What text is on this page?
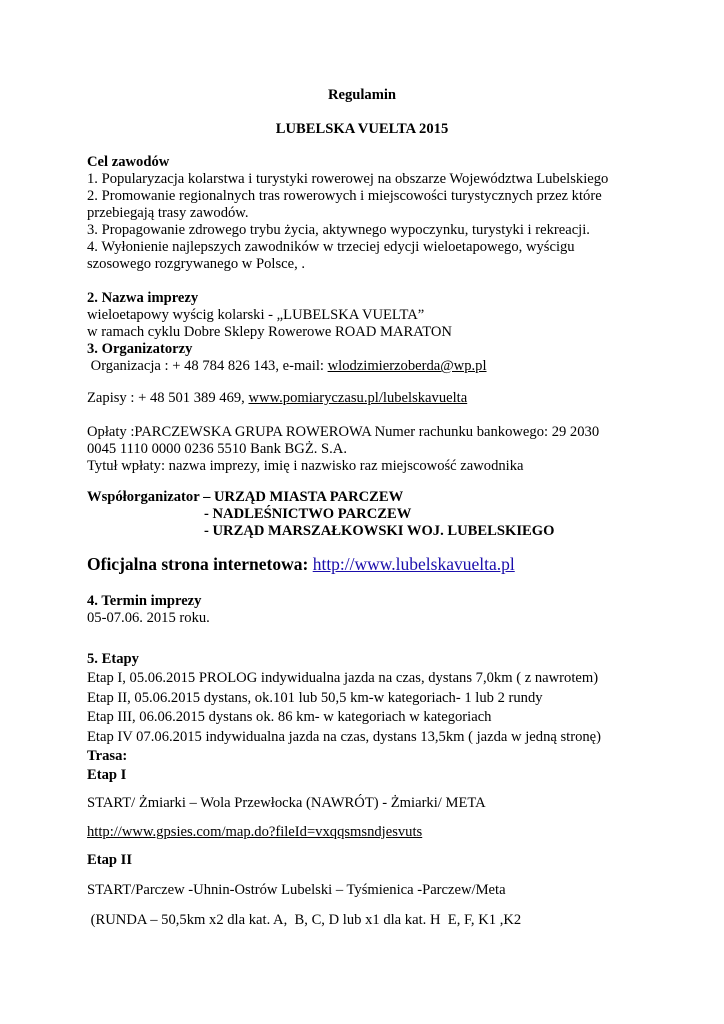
Regulamin
LUBELSKA VUELTA 2015
Cel zawodów
1. Popularyzacja kolarstwa i turystyki rowerowej na obszarze Województwa Lubelskiego
2. Promowanie regionalnych tras rowerowych i miejscowości turystycznych przez które
przebiegają trasy zawodów.
3. Propagowanie zdrowego trybu życia, aktywnego wypoczynku, turystyki i rekreacji.
4. Wyłonienie najlepszych zawodników w trzeciej edycji wieloetapowego, wyścigu
szosowego rozgrywanego w Polsce, .
2. Nazwa imprezy
wieloetapowy wyścig kolarski - „LUBELSKA VUELTA”
w ramach cyklu Dobre Sklepy Rowerowe ROAD MARATON
3. Organizatorzy
Organizacja : + 48 784 826 143, e-mail: wlodzimierzoberda@wp.pl
Zapisy : + 48 501 389 469, www.pomiaryczasu.pl/lubelskavuelta
Opłaty :PARCZEWSKA GRUPA ROWEROWA Numer rachunku bankowego: 29 2030
0045 1110 0000 0236 5510 Bank BGŻ. S.A.
Tytuł wpłaty: nazwa imprezy, imię i nazwisko raz miejscowość zawodnika
Współorganizator – URZĄD MIASTA PARCZEW
- NADLEŚNICTWO PARCZEW
- URZĄD MARSZAŁKOWSKI WOJ. LUBELSKIEGO
Oficjalna strona internetowa: http://www.lubelskavuelta.pl
4. Termin imprezy
05-07.06. 2015 roku.
5. Etapy
Etap I, 05.06.2015 PROLOG indywidualna jazda na czas, dystans 7,0km ( z nawrotem)
Etap II, 05.06.2015 dystans, ok.101 lub 50,5 km-w kategoriach- 1 lub 2 rundy
Etap III, 06.06.2015 dystans ok. 86 km- w kategoriach w kategoriach
Etap IV 07.06.2015 indywidualna jazda na czas, dystans 13,5km ( jazda w jedną stronę)
Trasa:
Etap I
START/ Żmiarki – Wola Przewłocka (NAWRÓT) - Żmiarki/ META
http://www.gpsies.com/map.do?fileId=vxqqsmsndjesvuts
Etap II
START/Parczew -Uhnin-Ostrów Lubelski – Tyśmienica -Parczew/Meta
(RUNDA – 50,5km x2 dla kat. A,  B, C, D lub x1 dla kat. H  E, F, K1 ,K2
